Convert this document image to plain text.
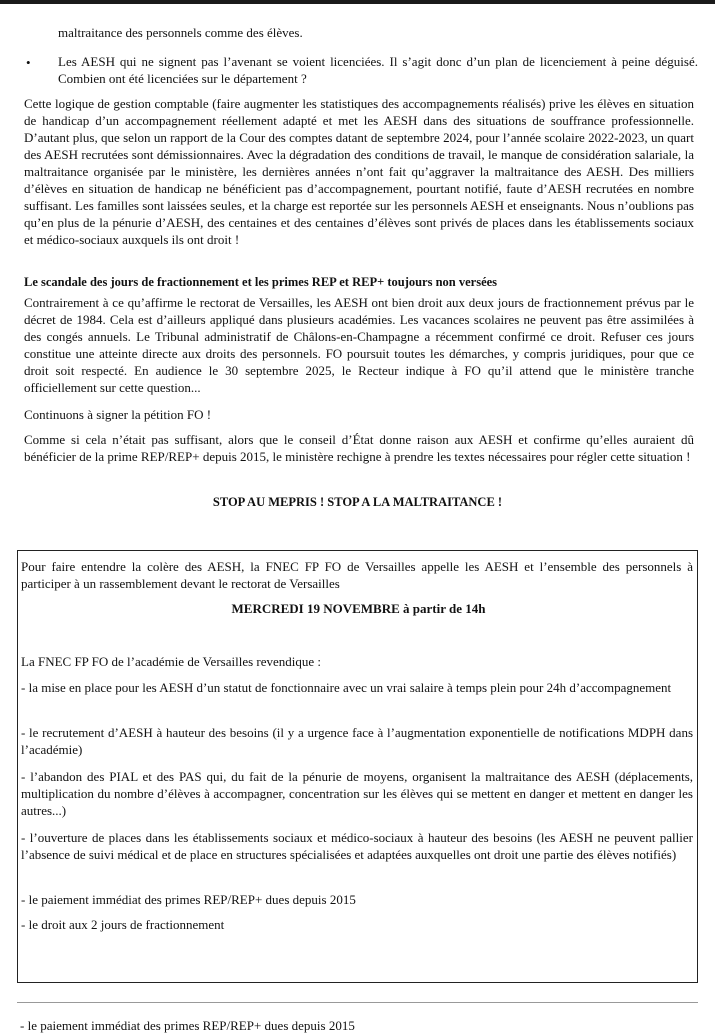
maltraitance des personnels comme des élèves.

• Les AESH qui ne signent pas l’avenant se voient licenciées. Il s’agit donc d’un plan de licenciement à peine déguisé. Combien ont été licenciées sur le département ?

Cette logique de gestion comptable (faire augmenter les statistiques des accompagnements réalisés) prive les élèves en situation de handicap d’un accompagnement réellement adapté et met les AESH dans des situations de souffrance professionnelle. D’autant plus, que selon un rapport de la Cour des comptes datant de septembre 2024, pour l’année scolaire 2022-2023, un quart des AESH recrutées sont démissionnaires. Avec la dégradation des conditions de travail, le manque de considération salariale, la maltraitance organisée par le ministère, les dernières années n’ont fait qu’aggraver la maltraitance des AESH. Des milliers d’élèves en situation de handicap ne bénéficient pas d’accompagnement, pourtant notifié, faute d’AESH recrutées en nombre suffisant. Les familles sont laissées seules, et la charge est reportée sur les personnels AESH et enseignants. Nous n’oublions pas qu’en plus de la pénurie d’AESH, des centaines et des centaines d’élèves sont privés de places dans les établissements sociaux et médico-sociaux auxquels ils ont droit !

Le scandale des jours de fractionnement et les primes REP et REP+ toujours non versées

Contrairement à ce qu’affirme le rectorat de Versailles, les AESH ont bien droit aux deux jours de fractionnement prévus par le décret de 1984. Cela est d’ailleurs appliqué dans plusieurs académies. Les vacances scolaires ne peuvent pas être assimilées à des congés annuels. Le Tribunal administratif de Châlons-en-Champagne a récemment confirmé ce droit. Refuser ces jours constitue une atteinte directe aux droits des personnels. FO poursuit toutes les démarches, y compris juridiques, pour que ce droit soit respecté. En audience le 30 septembre 2025, le Recteur indique à FO qu’il attend que le ministère tranche officiellement sur cette question...

Continuons à signer la pétition FO !

Comme si cela n’était pas suffisant, alors que le conseil d’État donne raison aux AESH et confirme qu’elles auraient dû bénéficier de la prime REP/REP+ depuis 2015, le ministère rechigne à prendre les textes nécessaires pour régler cette situation !

STOP AU MEPRIS ! STOP A LA MALTRAITANCE !

Pour faire entendre la colère des AESH, la FNEC FP FO de Versailles appelle les AESH et l’ensemble des personnels à participer à un rassemblement devant le rectorat de Versailles

MERCREDI 19 NOVEMBRE à partir de 14h

La FNEC FP FO de l’académie de Versailles revendique :

- la mise en place pour les AESH d’un statut de fonctionnaire avec un vrai salaire à temps plein pour 24h d’accompagnement

- le recrutement d’AESH à hauteur des besoins (il y a urgence face à l’augmentation exponentielle de notifications MDPH dans l’académie)

- l’abandon des PIAL et des PAS qui, du fait de la pénurie de moyens, organisent la maltraitance des AESH (déplacements, multiplication du nombre d’élèves à accompagner, concentration sur les élèves qui se mettent en danger et mettent en danger les autres...)

- l’ouverture de places dans les établissements sociaux et médico-sociaux à hauteur des besoins (les AESH ne peuvent pallier l’absence de suivi médical et de place en structures spécialisées et adaptées auxquelles ont droit une partie des élèves notifiés)

- le paiement immédiat des primes REP/REP+ dues depuis 2015

- le droit aux 2 jours de fractionnement

- le paiement immédiat des primes REP/REP+ dues depuis 2015
